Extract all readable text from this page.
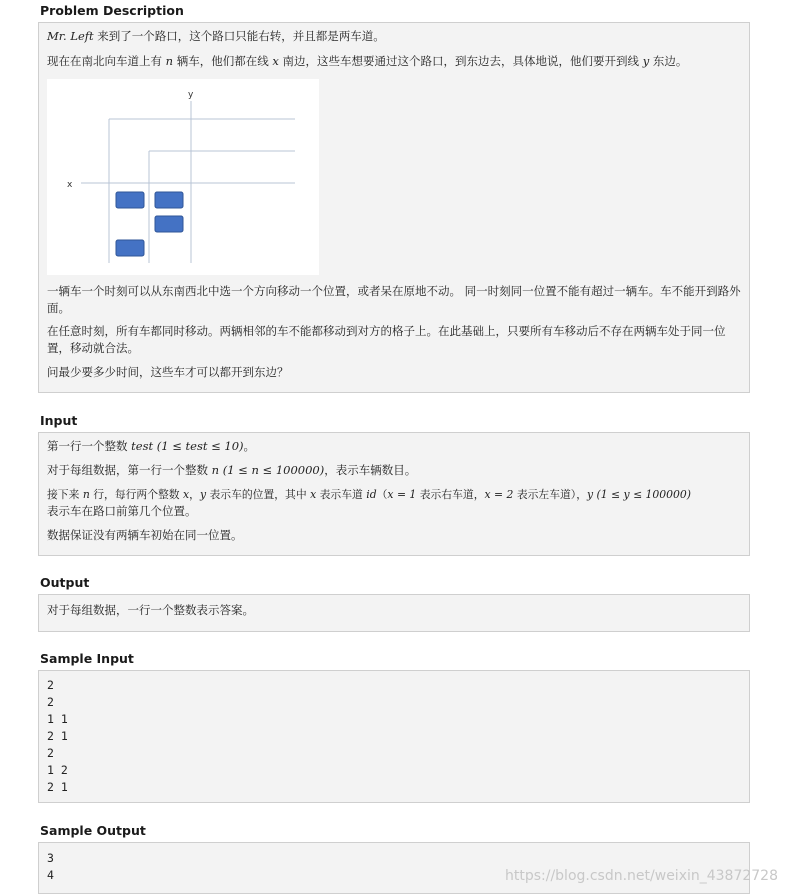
Problem Description
Mr. Left 来到了一个路口，这个路口只能右转，并且都是两车道。
现在在南北向车道上有 n 辆车，他们都在线 x 南边，这些车想要通过这个路口，到东边去，具体地说，他们要开到线 y 东边。
y
x
一辆车一个时刻可以从东南西北中选一个方向移动一个位置，或者呆在原地不动。 同一时刻同一位置不能有超过一辆车。车不能开到路外面。
在任意时刻，所有车都同时移动。两辆相邻的车不能都移动到对方的格子上。在此基础上，只要所有车移动后不存在两辆车处于同一位置，移动就合法。
问最少要多少时间，这些车才可以都开到东边？
Input
第一行一个整数 test (1 ≤ test ≤ 10)。
对于每组数据，第一行一个整数 n (1 ≤ n ≤ 100000)，表示车辆数目。
接下来 n 行，每行两个整数 x，y 表示车的位置，其中 x 表示车道 id（x = 1 表示右车道，x = 2 表示左车道），y (1 ≤ y ≤ 100000)
表示车在路口前第几个位置。
数据保证没有两辆车初始在同一位置。
Output
对于每组数据，一行一个整数表示答案。
Sample Input
2
2
1 1
2 1
2
1 2
2 1
Sample Output
3
4	https://blog.csdn.net/weixin_43872728
